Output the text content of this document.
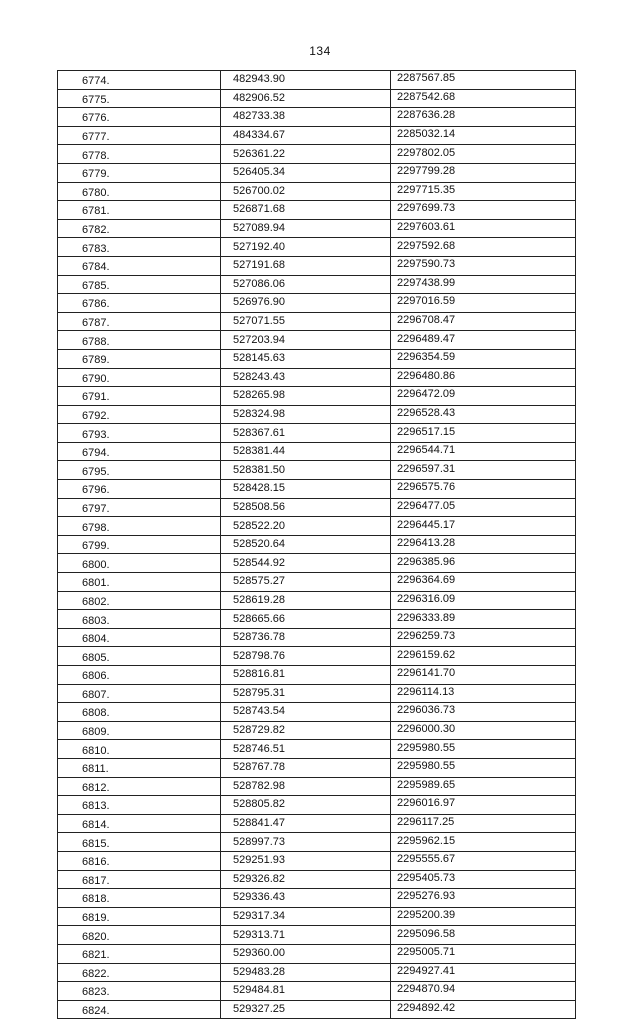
134
6774.	482943.90	2287567.85
6775.	482906.52	2287542.68
6776.	482733.38	2287636.28
6777.	484334.67	2285032.14
6778.	526361.22	2297802.05
6779.	526405.34	2297799.28
6780.	526700.02	2297715.35
6781.	526871.68	2297699.73
6782.	527089.94	2297603.61
6783.	527192.40	2297592.68
6784.	527191.68	2297590.73
6785.	527086.06	2297438.99
6786.	526976.90	2297016.59
6787.	527071.55	2296708.47
6788.	527203.94	2296489.47
6789.	528145.63	2296354.59
6790.	528243.43	2296480.86
6791.	528265.98	2296472.09
6792.	528324.98	2296528.43
6793.	528367.61	2296517.15
6794.	528381.44	2296544.71
6795.	528381.50	2296597.31
6796.	528428.15	2296575.76
6797.	528508.56	2296477.05
6798.	528522.20	2296445.17
6799.	528520.64	2296413.28
6800.	528544.92	2296385.96
6801.	528575.27	2296364.69
6802.	528619.28	2296316.09
6803.	528665.66	2296333.89
6804.	528736.78	2296259.73
6805.	528798.76	2296159.62
6806.	528816.81	2296141.70
6807.	528795.31	2296114.13
6808.	528743.54	2296036.73
6809.	528729.82	2296000.30
6810.	528746.51	2295980.55
6811.	528767.78	2295980.55
6812.	528782.98	2295989.65
6813.	528805.82	2296016.97
6814.	528841.47	2296117.25
6815.	528997.73	2295962.15
6816.	529251.93	2295555.67
6817.	529326.82	2295405.73
6818.	529336.43	2295276.93
6819.	529317.34	2295200.39
6820.	529313.71	2295096.58
6821.	529360.00	2295005.71
6822.	529483.28	2294927.41
6823.	529484.81	2294870.94
6824.	529327.25	2294892.42
